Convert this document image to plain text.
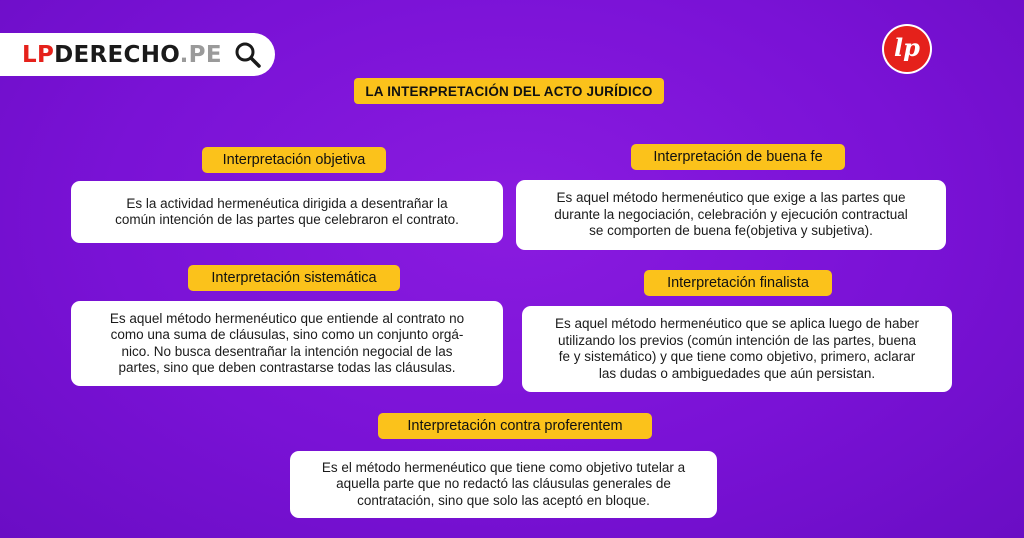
LPDERECHO.PE	lp
LA INTERPRETACIÓN DEL ACTO JURÍDICO
Interpretación objetiva

Es la actividad hermenéutica dirigida a desentrañar la
común intención de las partes que celebraron el contrato.

Interpretación de buena fe

Es aquel método hermenéutico que exige a las partes que
durante la negociación, celebración y ejecución contractual
se comporten de buena fe(objetiva y subjetiva).

Interpretación sistemática

Es aquel método hermenéutico que entiende al contrato no
como una suma de cláusulas, sino como un conjunto orgá-
nico. No busca desentrañar la intención negocial de las
partes, sino que deben contrastarse todas las cláusulas.

Interpretación finalista

Es aquel método hermenéutico que se aplica luego de haber
utilizando los previos (común intención de las partes, buena
fe y sistemático) y que tiene como objetivo, primero, aclarar
las dudas o ambiguedades que aún persistan.

Interpretación contra proferentem

Es el método hermenéutico que tiene como objetivo tutelar a
aquella parte que no redactó las cláusulas generales de
contratación, sino que solo las aceptó en bloque.
